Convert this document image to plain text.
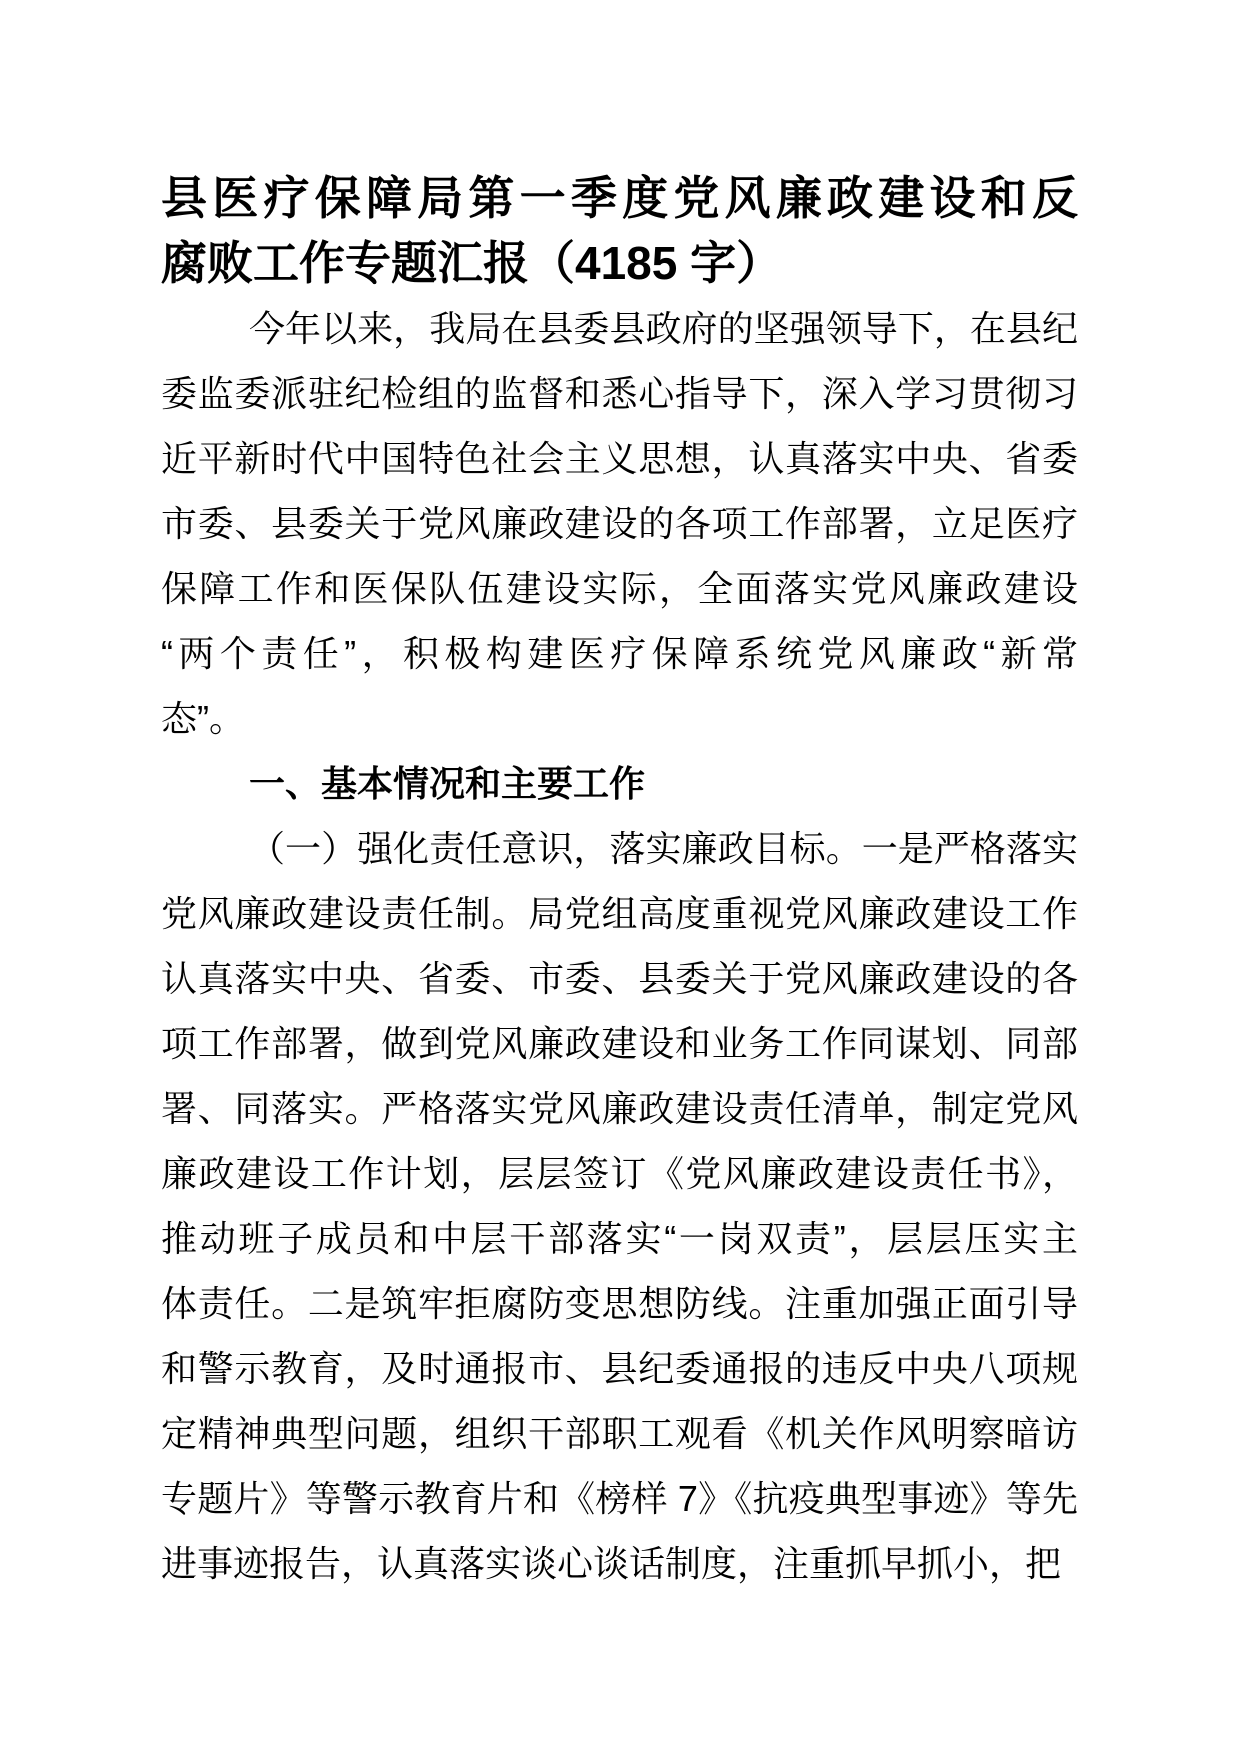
县医疗保障局第一季度党风廉政建设和反
腐败工作专题汇报（4185 字）
今年以来，我局在县委县政府的坚强领导下，在县纪
委监委派驻纪检组的监督和悉心指导下，深入学习贯彻习
近平新时代中国特色社会主义思想，认真落实中央、省委
市委、县委关于党风廉政建设的各项工作部署，立足医疗
保障工作和医保队伍建设实际，全面落实党风廉政建设
“两个责任”，积极构建医疗保障系统党风廉政“新常
态”。
一、基本情况和主要工作
（一）强化责任意识，落实廉政目标。一是严格落实
党风廉政建设责任制。局党组高度重视党风廉政建设工作
认真落实中央、省委、市委、县委关于党风廉政建设的各
项工作部署，做到党风廉政建设和业务工作同谋划、同部
署、同落实。严格落实党风廉政建设责任清单，制定党风
廉政建设工作计划，层层签订《党风廉政建设责任书》，
推动班子成员和中层干部落实“一岗双责”，层层压实主
体责任。二是筑牢拒腐防变思想防线。注重加强正面引导
和警示教育，及时通报市、县纪委通报的违反中央八项规
定精神典型问题，组织干部职工观看《机关作风明察暗访
专题片》等警示教育片和《榜样 7》《抗疫典型事迹》等先
进事迹报告，认真落实谈心谈话制度，注重抓早抓小，把
